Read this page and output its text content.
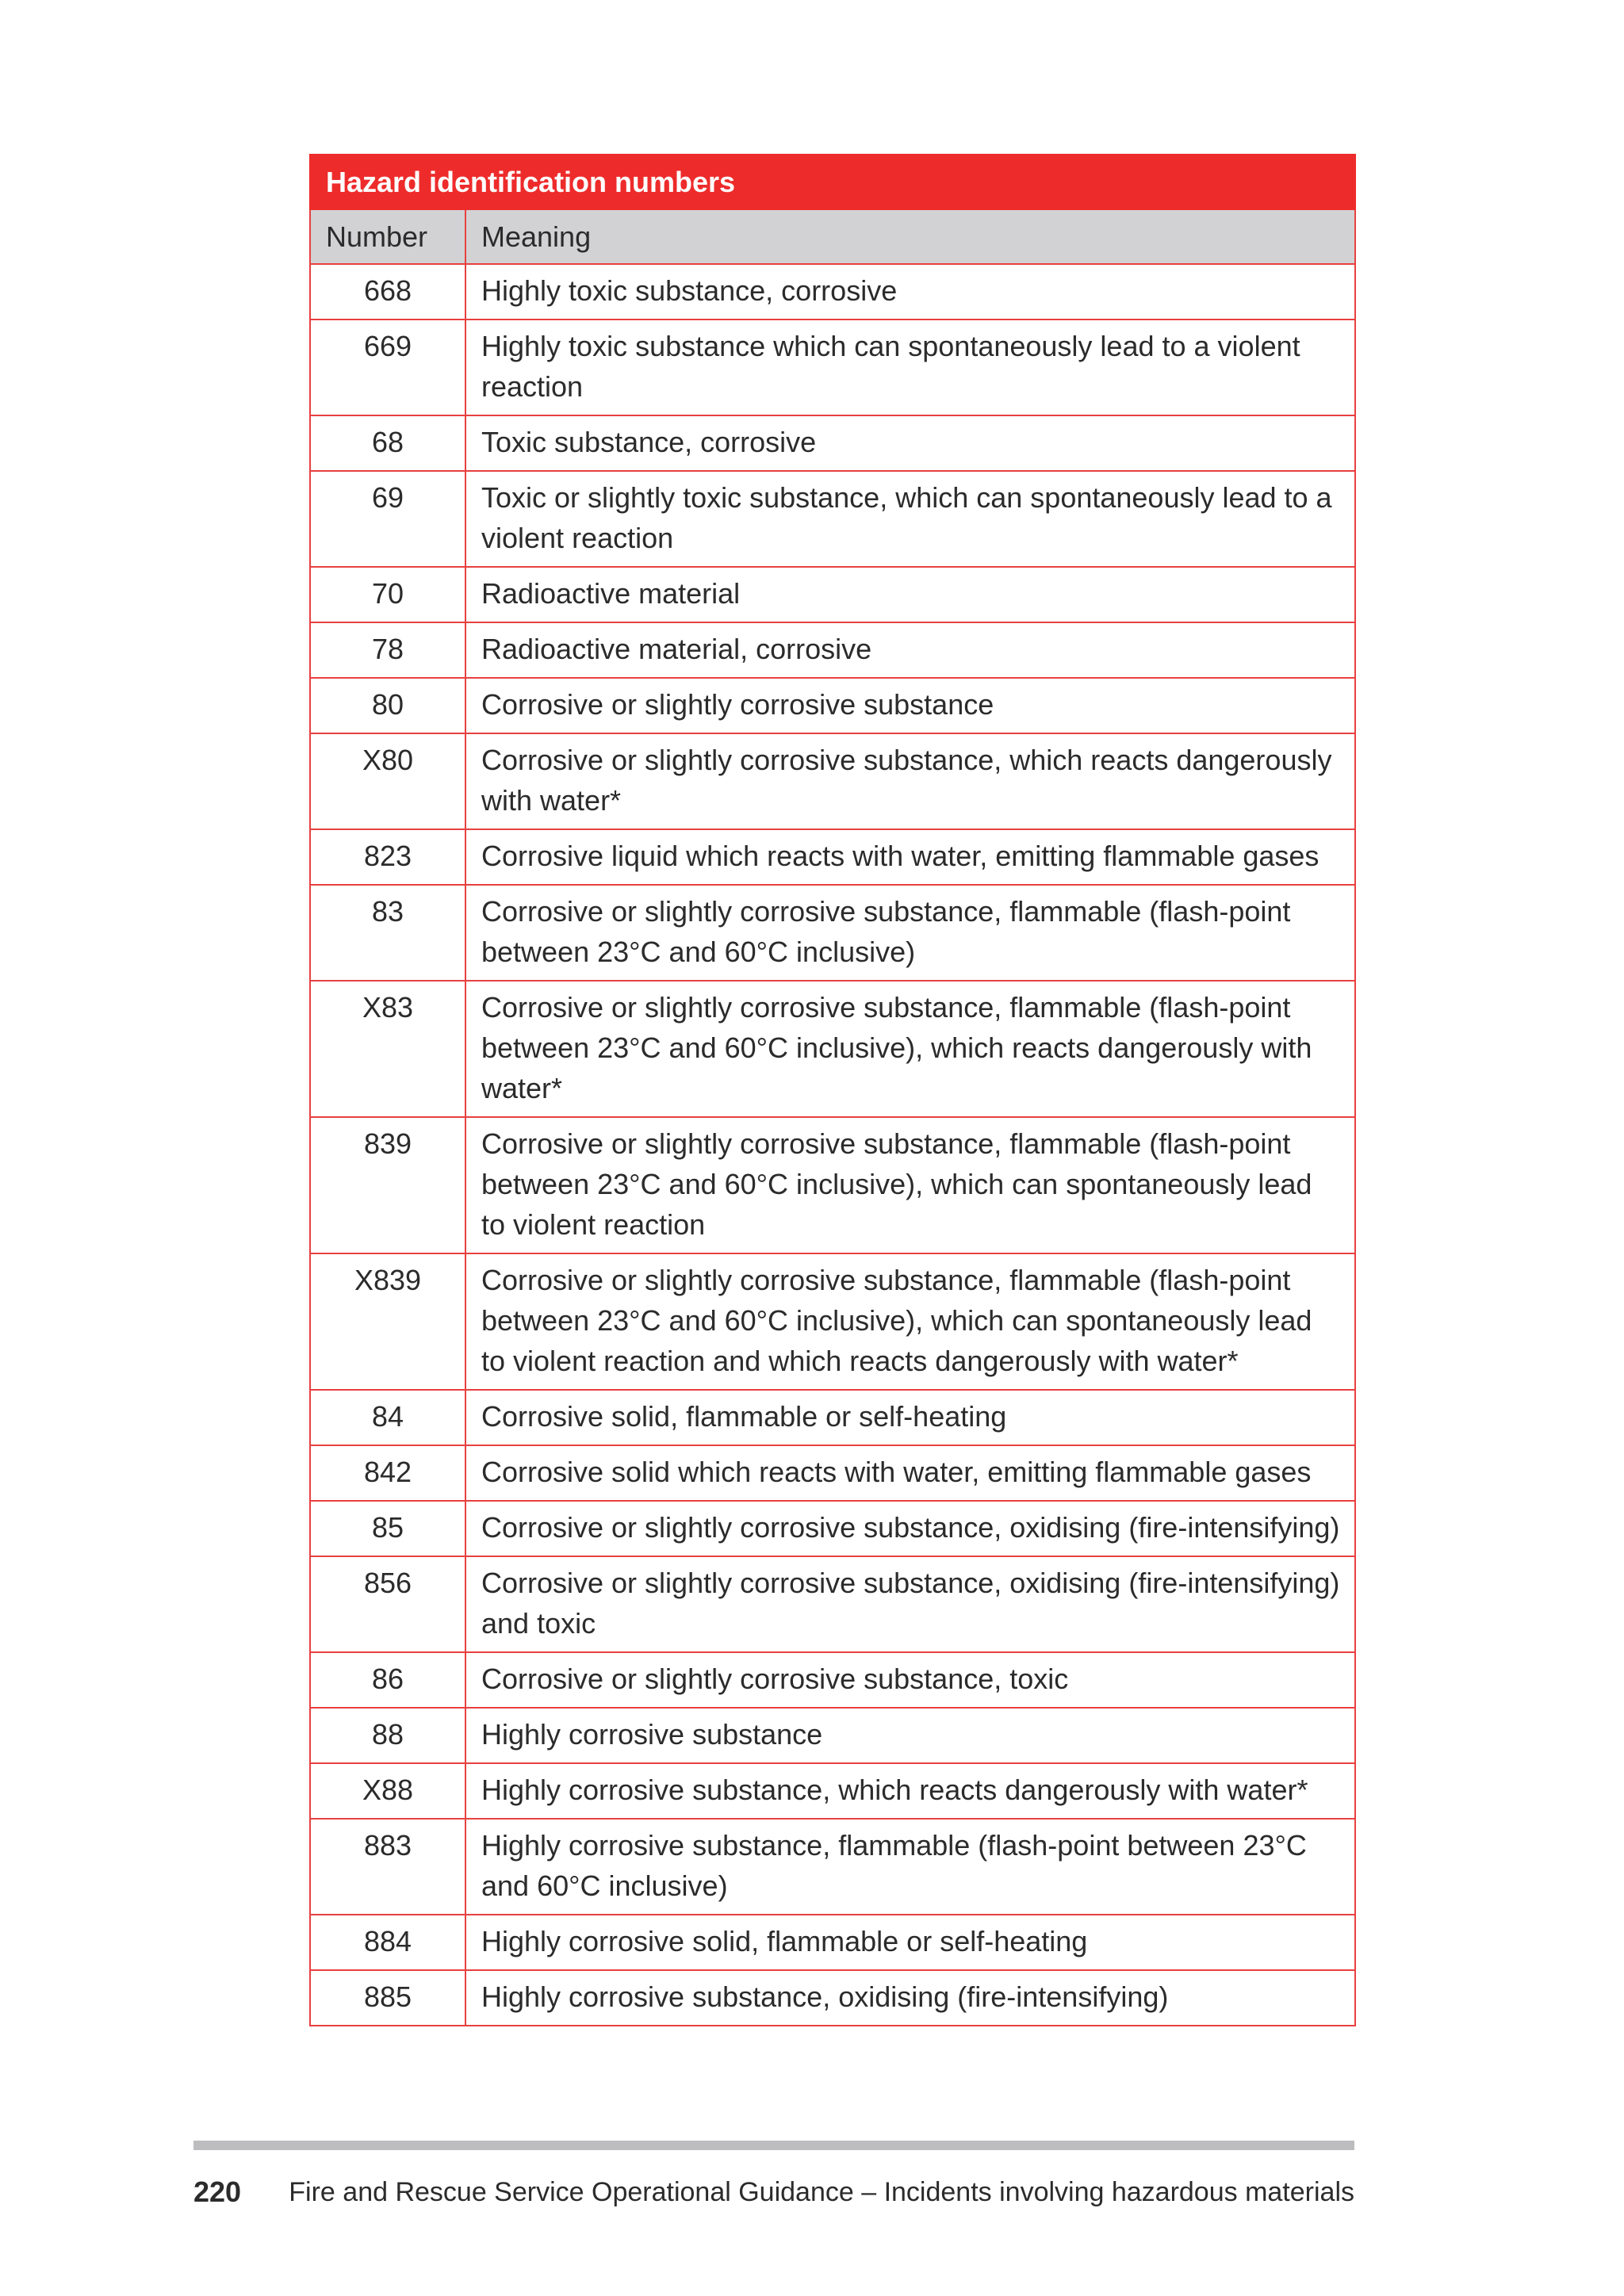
Hazard identification numbers	
Number	Meaning
668	Highly toxic substance, corrosive
669	Highly toxic substance which can spontaneously lead to a violent reaction
68	Toxic substance, corrosive
69	Toxic or slightly toxic substance, which can spontaneously lead to a violent reaction
70	Radioactive material
78	Radioactive material, corrosive
80	Corrosive or slightly corrosive substance
X80	Corrosive or slightly corrosive substance, which reacts dangerously with water*
823	Corrosive liquid which reacts with water, emitting flammable gases
83	Corrosive or slightly corrosive substance, flammable (flash-point between 23°C and 60°C inclusive)
X83	Corrosive or slightly corrosive substance, flammable (flash-point between 23°C and 60°C inclusive), which reacts dangerously with water*
839	Corrosive or slightly corrosive substance, flammable (flash-point between 23°C and 60°C inclusive), which can spontaneously lead to violent reaction
X839	Corrosive or slightly corrosive substance, flammable (flash-point between 23°C and 60°C inclusive), which can spontaneously lead to violent reaction and which reacts dangerously with water*
84	Corrosive solid, flammable or self-heating
842	Corrosive solid which reacts with water, emitting flammable gases
85	Corrosive or slightly corrosive substance, oxidising (fire-intensifying)
856	Corrosive or slightly corrosive substance, oxidising (fire-intensifying) and toxic
86	Corrosive or slightly corrosive substance, toxic
88	Highly corrosive substance
X88	Highly corrosive substance, which reacts dangerously with water*
883	Highly corrosive substance, flammable (flash-point between 23°C and 60°C inclusive)
884	Highly corrosive solid, flammable or self-heating
885	Highly corrosive substance, oxidising (fire-intensifying)
220 Fire and Rescue Service Operational Guidance – Incidents involving hazardous materials
